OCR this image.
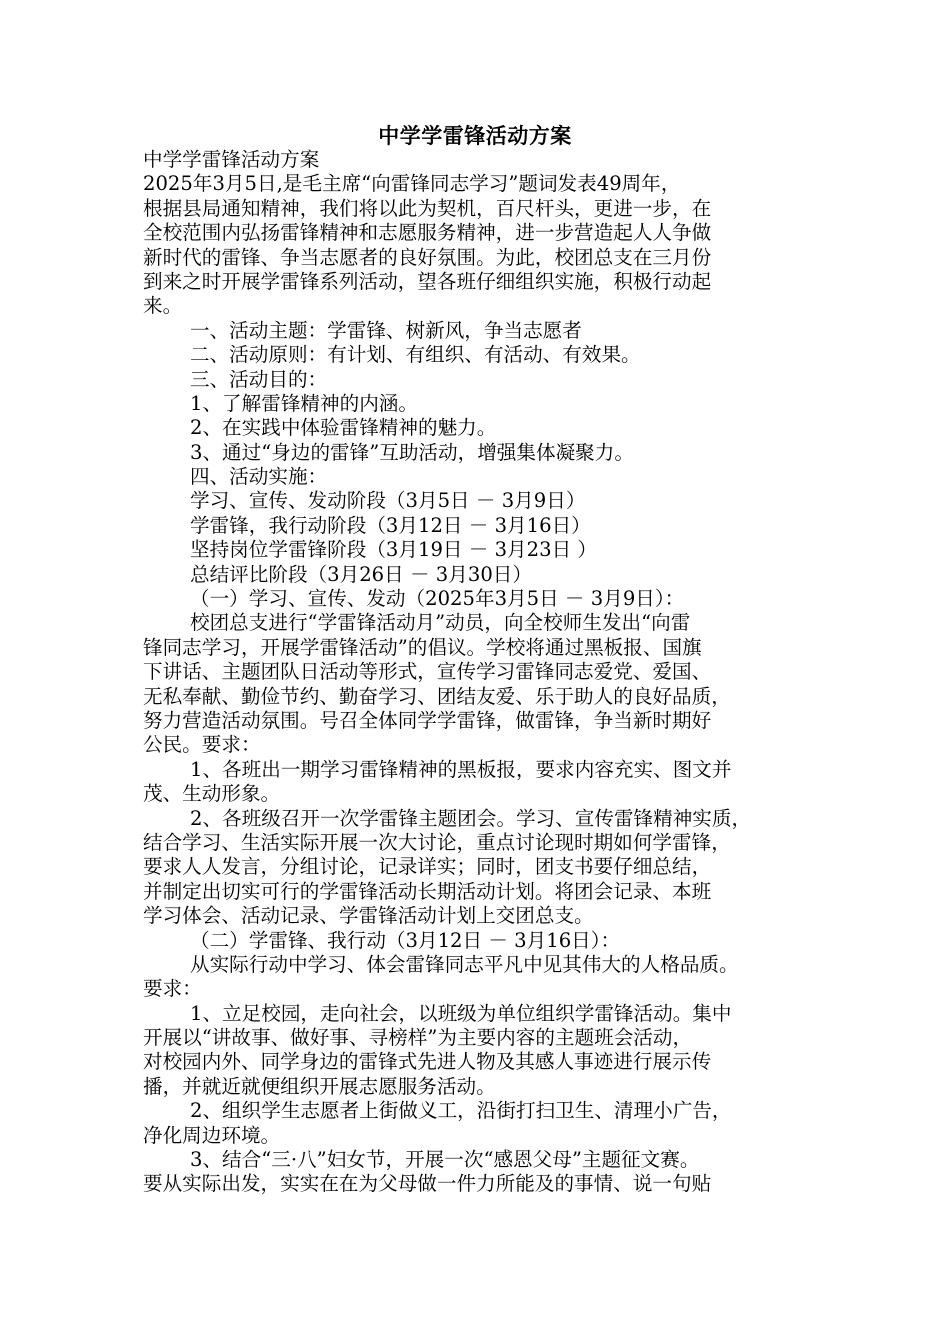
中学学雷锋活动方案
中学学雷锋活动方案
2025年3月5日,是毛主席“向雷锋同志学习”题词发表49周年，
根据县局通知精神，我们将以此为契机，百尺杆头，更进一步，在
全校范围内弘扬雷锋精神和志愿服务精神，进一步营造起人人争做
新时代的雷锋、争当志愿者的良好氛围。为此，校团总支在三月份
到来之时开展学雷锋系列活动，望各班仔细组织实施，积极行动起
来。
一、活动主题：学雷锋、树新风，争当志愿者
二、活动原则：有计划、有组织、有活动、有效果。
三、活动目的：
1、了解雷锋精神的内涵。
2、在实践中体验雷锋精神的魅力。
3、通过“身边的雷锋”互助活动，增强集体凝聚力。
四、活动实施：
学习、宣传、发动阶段（3月5日 － 3月9日）
学雷锋，我行动阶段（3月12日 － 3月16日）
坚持岗位学雷锋阶段（3月19日 － 3月23日 ）
总结评比阶段（3月26日 － 3月30日）
（一）学习、宣传、发动（2025年3月5日 － 3月9日）：
校团总支进行“学雷锋活动月”动员，向全校师生发出“向雷
锋同志学习，开展学雷锋活动”的倡议。学校将通过黑板报、国旗
下讲话、主题团队日活动等形式，宣传学习雷锋同志爱党、爱国、
无私奉献、勤俭节约、勤奋学习、团结友爱、乐于助人的良好品质，
努力营造活动氛围。号召全体同学学雷锋，做雷锋，争当新时期好
公民。要求：
1、各班出一期学习雷锋精神的黑板报，要求内容充实、图文并
茂、生动形象。
2、各班级召开一次学雷锋主题团会。学习、宣传雷锋精神实质，
结合学习、生活实际开展一次大讨论，重点讨论现时期如何学雷锋，
要求人人发言，分组讨论，记录详实；同时，团支书要仔细总结，
并制定出切实可行的学雷锋活动长期活动计划。将团会记录、本班
学习体会、活动记录、学雷锋活动计划上交团总支。
（二）学雷锋、我行动（3月12日 － 3月16日）：
从实际行动中学习、体会雷锋同志平凡中见其伟大的人格品质。
要求：
1、立足校园，走向社会，以班级为单位组织学雷锋活动。集中
开展以“讲故事、做好事、寻榜样”为主要内容的主题班会活动，
对校园内外、同学身边的雷锋式先进人物及其感人事迹进行展示传
播，并就近就便组织开展志愿服务活动。
2、组织学生志愿者上街做义工，沿街打扫卫生、清理小广告，
净化周边环境。
3、结合“三·八”妇女节，开展一次“感恩父母”主题征文赛。
要从实际出发，实实在在为父母做一件力所能及的事情、说一句贴
